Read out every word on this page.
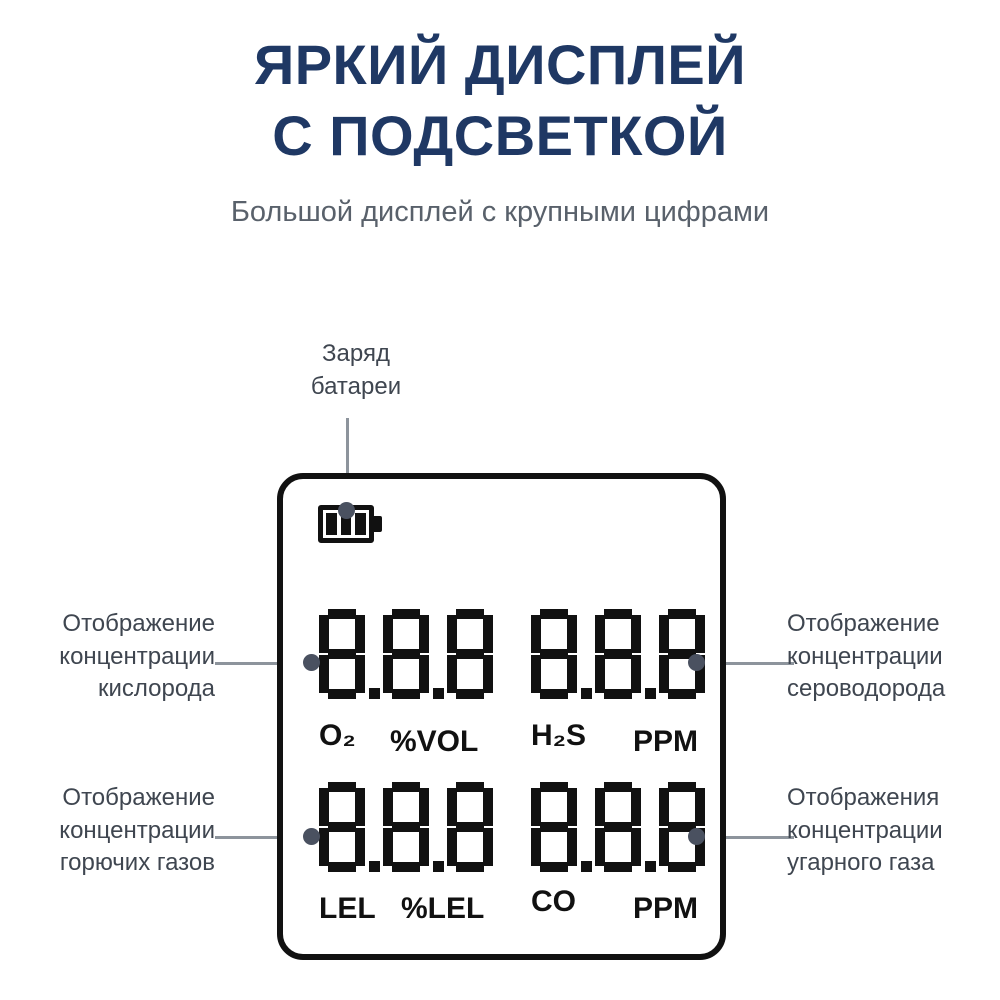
ЯРКИЙ ДИСПЛЕЙ
С ПОДСВЕТКОЙ
Большой дисплей с крупными цифрами
Заряд
батареи
Отображение
концентрации
кислорода
Отображение
концентрации
сероводорода
Отображение
концентрации
горючих газов
Отображения
концентрации
угарного газа
O₂ %VOL H₂S PPM
LEL %LEL CO PPM
